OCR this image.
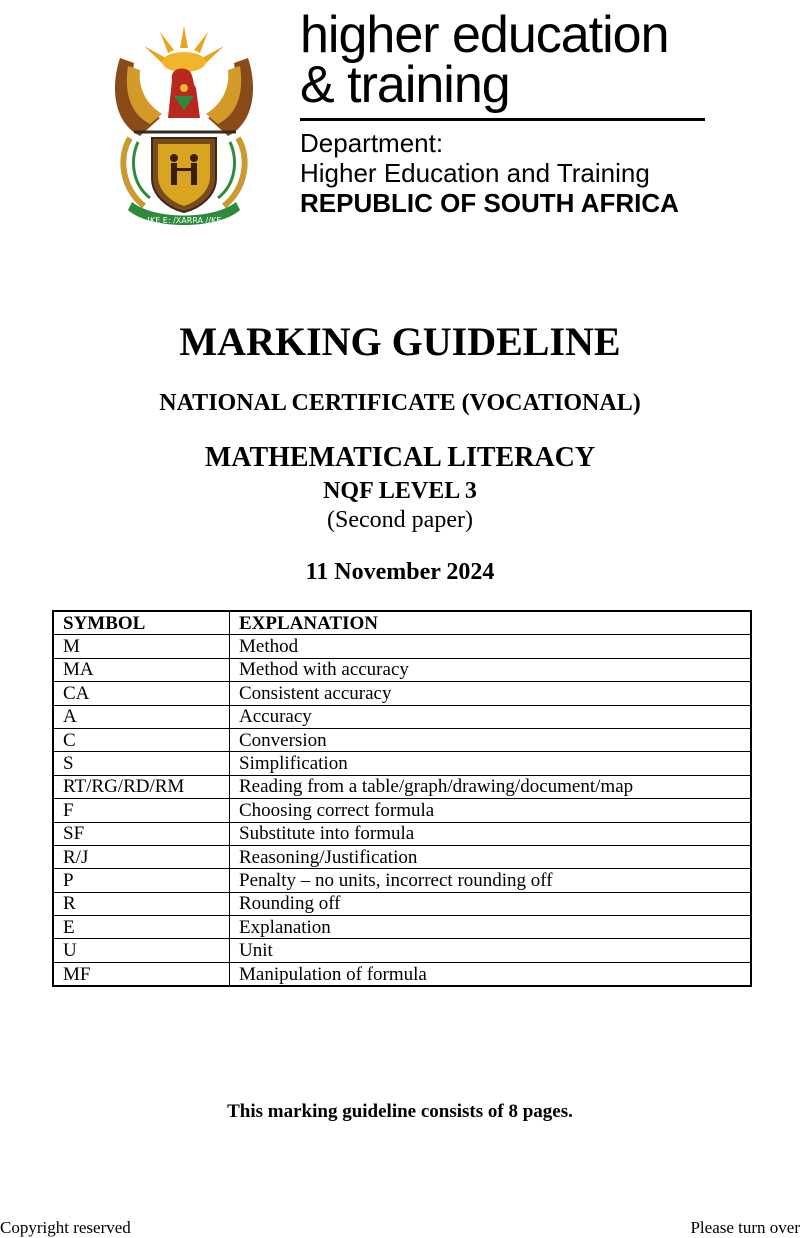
!KE E: /XARRA //KE
higher education
& training
Department:
Higher Education and Training
REPUBLIC OF SOUTH AFRICA
MARKING GUIDELINE
NATIONAL CERTIFICATE (VOCATIONAL)
MATHEMATICAL LITERACY
NQF LEVEL 3
(Second paper)
11 November 2024
SYMBOL	EXPLANATION
M	Method
MA	Method with accuracy
CA	Consistent accuracy
A	Accuracy
C	Conversion
S	Simplification
RT/RG/RD/RM	Reading from a table/graph/drawing/document/map
F	Choosing correct formula
SF	Substitute into formula
R/J	Reasoning/Justification
P	Penalty – no units, incorrect rounding off
R	Rounding off
E	Explanation
U	Unit
MF	Manipulation of formula
This marking guideline consists of 8 pages.
Copyright reserved	Please turn over
